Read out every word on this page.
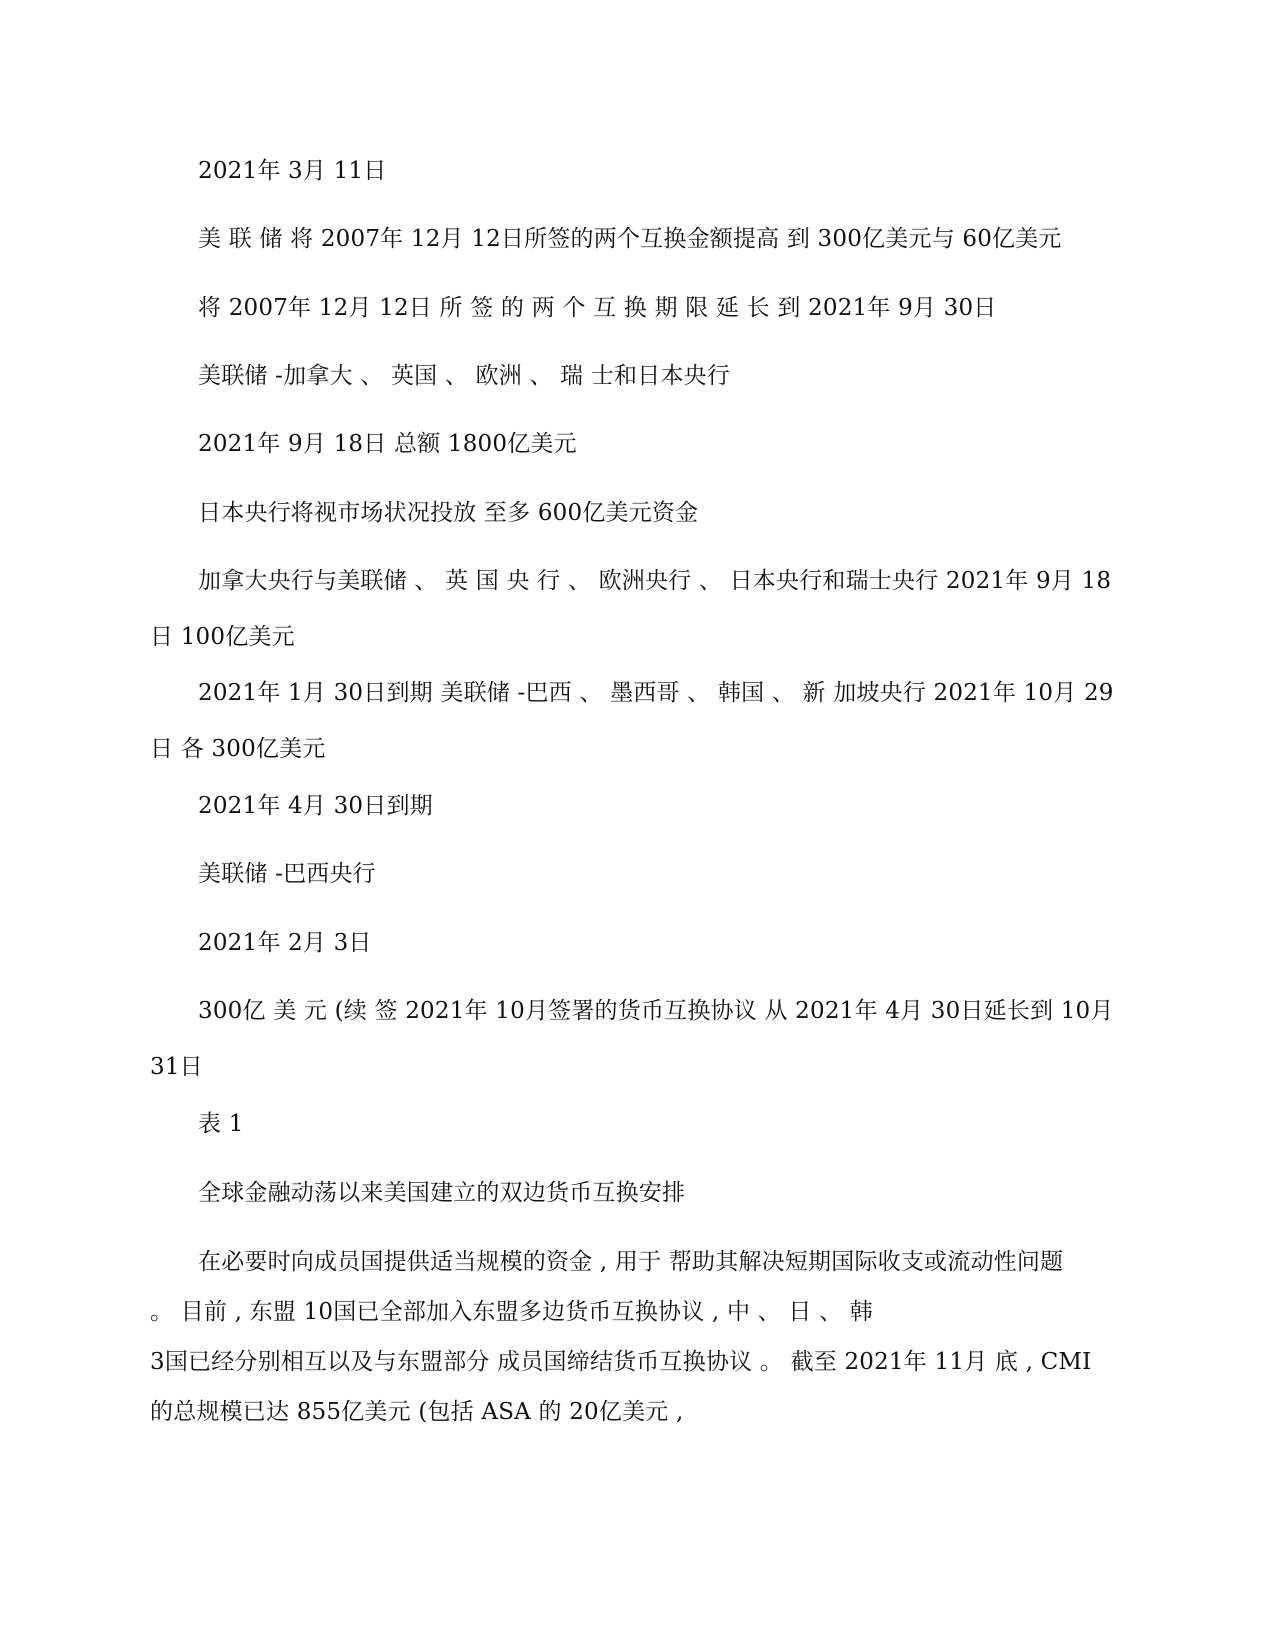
2021年 3月 11日

美 联 储 将 2007年 12月 12日所签的两个互换金额提高 到 300亿美元与 60亿美元

将 2007年 12月 12日 所 签 的 两 个 互 换 期 限 延 长 到 2021年 9月 30日

美联储 -加拿大 、 英国 、 欧洲 、 瑞 士和日本央行

2021年 9月 18日 总额 1800亿美元

日本央行将视市场状况投放 至多 600亿美元资金

加拿大央行与美联储 、 英 国 央 行 、 欧洲央行 、 日本央行和瑞士央行 2021年 9月 18日 100亿美元

2021年 1月 30日到期 美联储 -巴西 、 墨西哥 、 韩国 、 新 加坡央行 2021年 10月 29日 各 300亿美元

2021年 4月 30日到期

美联储 -巴西央行

2021年 2月 3日

300亿 美 元 (续 签 2021年 10月签署的货币互换协议 从 2021年 4月 30日延长到 10月 31日

表 1

全球金融动荡以来美国建立的双边货币互换安排

在必要时向成员国提供适当规模的资金 , 用于 帮助其解决短期国际收支或流动性问题
。 目前 , 东盟 10国已全部加入东盟多边货币互换协议 , 中 、 日 、 韩
3国已经分别相互以及与东盟部分 成员国缔结货币互换协议 。 截至 2021年 11月 底 , CMI
的总规模已达 855亿美元 (包括 ASA 的 20亿美元 ,
